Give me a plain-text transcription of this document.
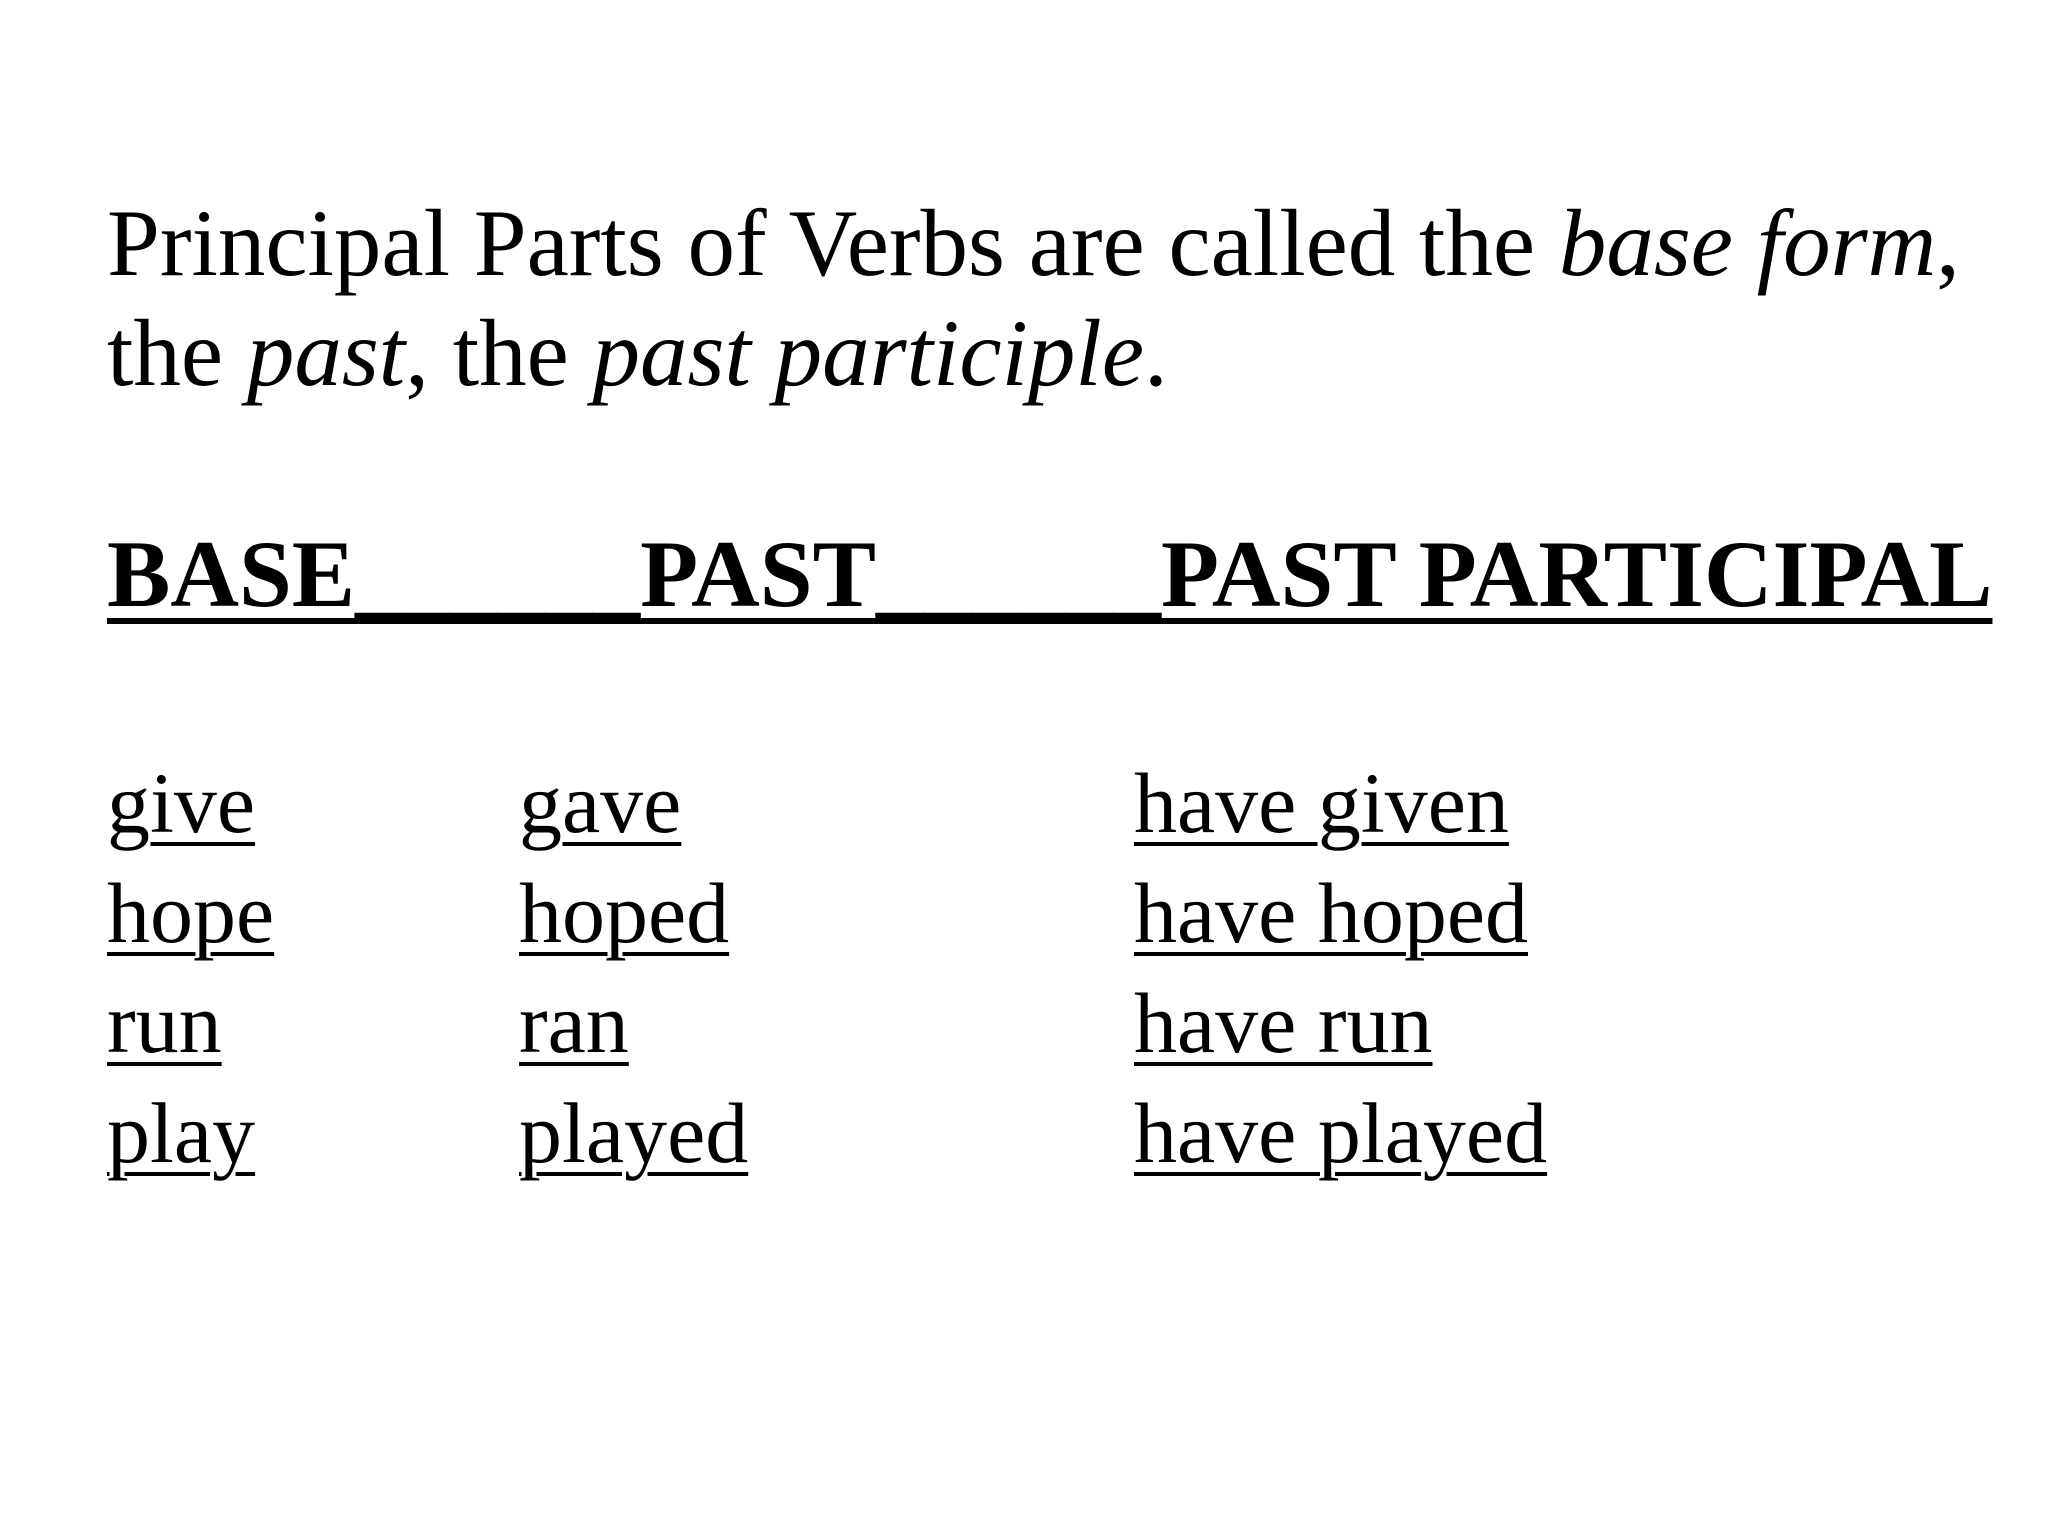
Principal Parts of Verbs are called the base form, the past, the past participle.

BASE______PAST______PAST PARTICIPAL

give	gave	have given
hope	hoped	have hoped
run	ran	have run
play	played	have played
